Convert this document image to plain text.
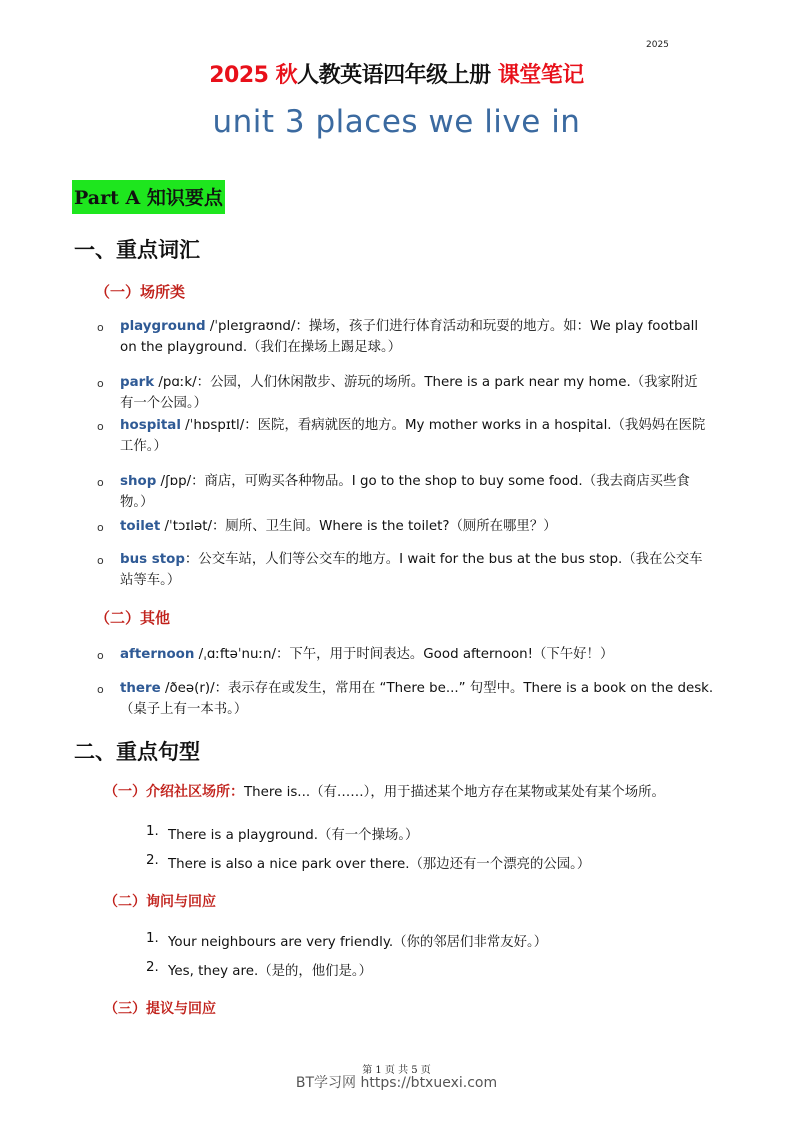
2025
2025 秋人教英语四年级上册 课堂笔记
unit 3 places we live in
Part A 知识要点
一、重点词汇
（一）场所类
o playground /ˈpleɪɡraʊnd/：操场，孩子们进行体育活动和玩耍的地方。如：We play football
on the playground.（我们在操场上踢足球。）
o park /pɑːk/：公园，人们休闲散步、游玩的场所。There is a park near my home.（我家附近
有一个公园。）
o hospital /ˈhɒspɪtl/：医院，看病就医的地方。My mother works in a hospital.（我妈妈在医院
工作。）
o shop /ʃɒp/：商店，可购买各种物品。I go to the shop to buy some food.（我去商店买些食
物。）
o toilet /ˈtɔɪlət/：厕所、卫生间。Where is the toilet?（厕所在哪里？）
o bus stop：公交车站，人们等公交车的地方。I wait for the bus at the bus stop.（我在公交车
站等车。）
（二）其他
o afternoon /ˌɑːftəˈnuːn/：下午，用于时间表达。Good afternoon!（下午好！）
o there /ðeə(r)/：表示存在或发生，常用在 “There be...” 句型中。There is a book on the desk.
（桌子上有一本书。）
二、重点句型
（一）介绍社区场所：There is...（有……），用于描述某个地方存在某物或某处有某个场所。
1. There is a playground.（有一个操场。）
2. There is also a nice park over there.（那边还有一个漂亮的公园。）
（二）询问与回应
1. Your neighbours are very friendly.（你的邻居们非常友好。）
2. Yes, they are.（是的，他们是。）
（三）提议与回应
第 1 页 共 5 页
BT学习网 https://btxuexi.com
